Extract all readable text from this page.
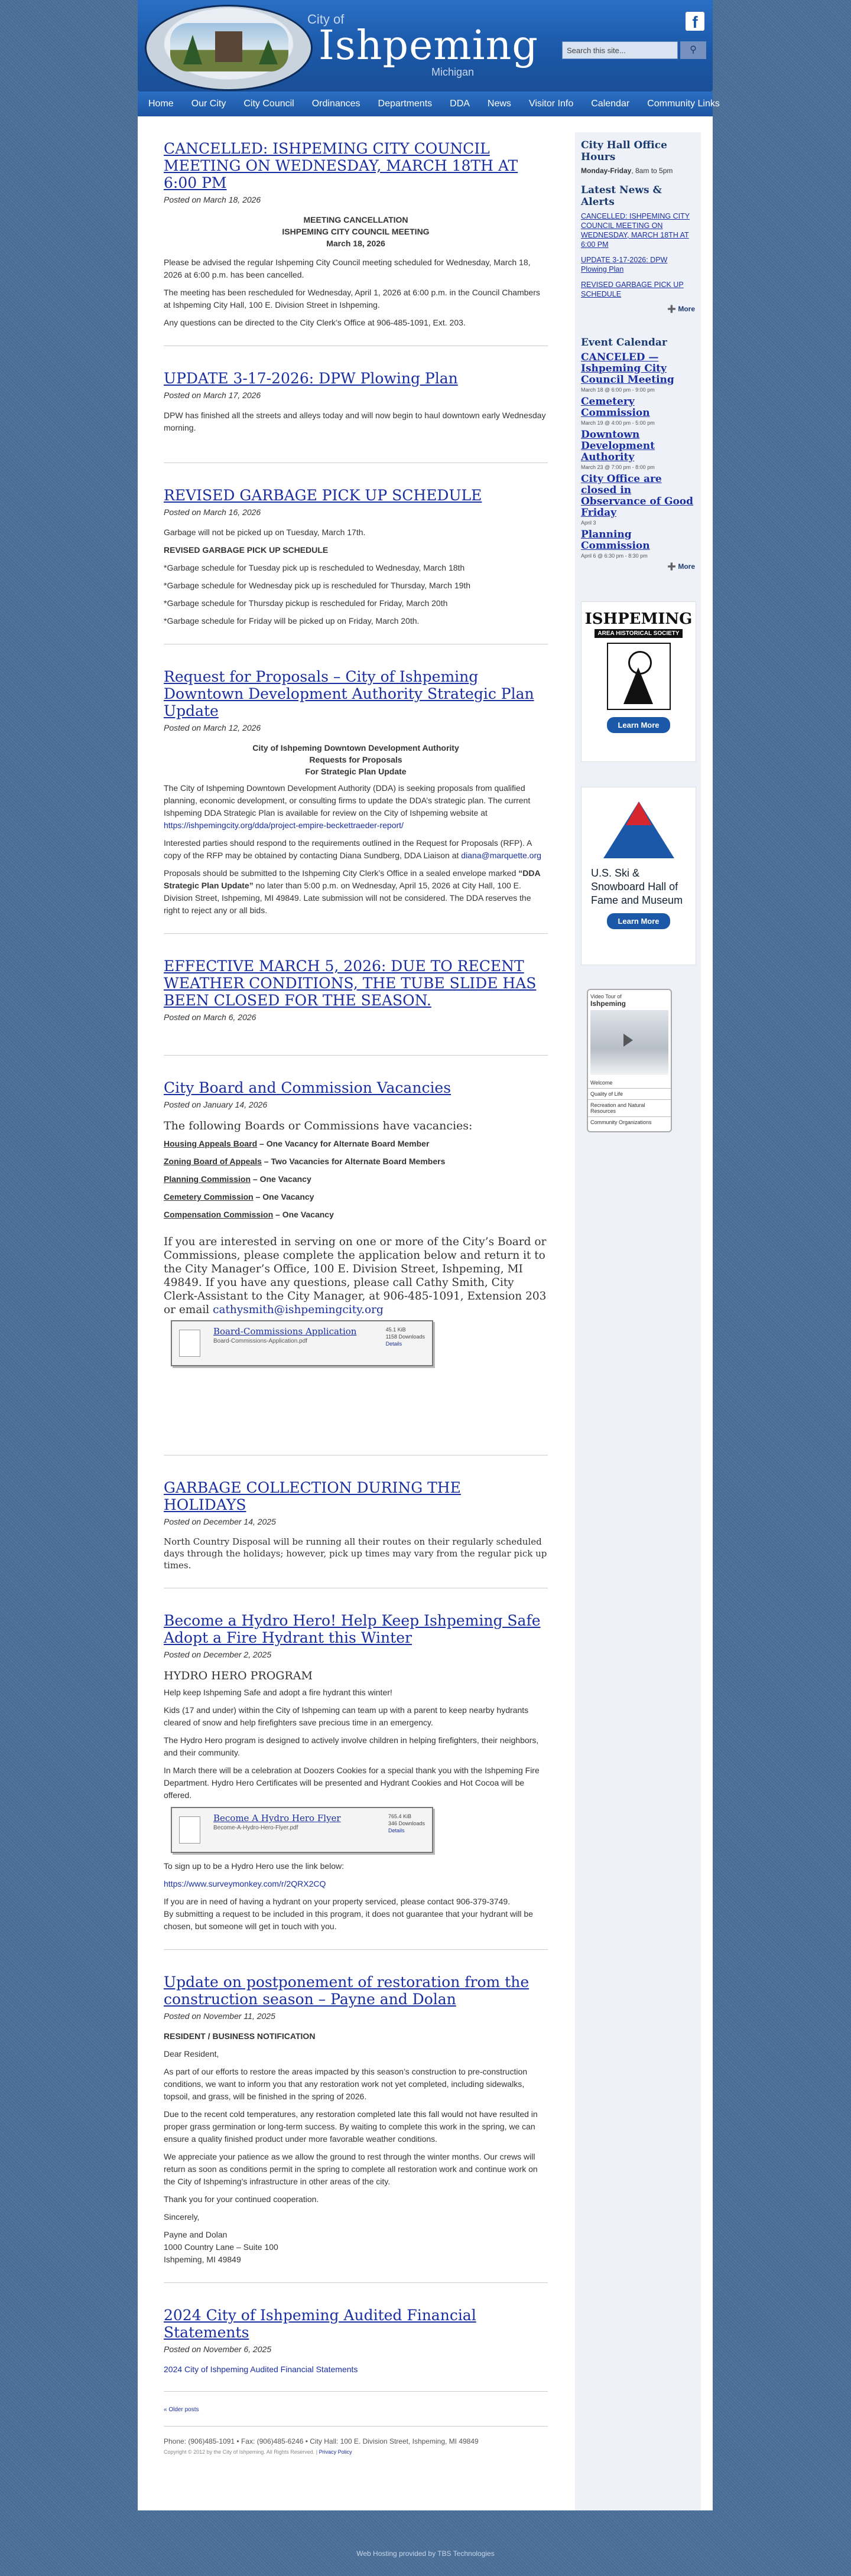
City of
Ishpeming
Michigan
f
Search this site...	⚲
Home Our City City Council Ordinances Departments DDA News Visitor Info Calendar Community Links
CANCELLED: ISHPEMING CITY COUNCIL MEETING ON WEDNESDAY, MARCH 18TH AT 6:00 PM
Posted on March 18, 2026

MEETING CANCELLATION

ISHPEMING CITY COUNCIL MEETING

March 18, 2026

Please be advised the regular Ishpeming City Council meeting scheduled for Wednesday, March 18, 2026 at 6:00 p.m. has been cancelled.

The meeting has been rescheduled for Wednesday, April 1, 2026 at 6:00 p.m. in the Council Chambers at Ishpeming City Hall, 100 E. Division Street in Ishpeming.

Any questions can be directed to the City Clerk’s Office at 906-485-1091, Ext. 203.

UPDATE 3-17-2026: DPW Plowing Plan
Posted on March 17, 2026

DPW has finished all the streets and alleys today and will now begin to haul downtown early Wednesday morning.

REVISED GARBAGE PICK UP SCHEDULE
Posted on March 16, 2026

Garbage will not be picked up on Tuesday, March 17th.

REVISED GARBAGE PICK UP SCHEDULE

*Garbage schedule for Tuesday pick up is rescheduled to Wednesday, March 18th

*Garbage schedule for Wednesday pick up is rescheduled for Thursday, March 19th

*Garbage schedule for Thursday pickup is rescheduled for Friday, March 20th

*Garbage schedule for Friday will be picked up on Friday, March 20th.

Request for Proposals – City of Ishpeming Downtown Development Authority Strategic Plan Update
Posted on March 12, 2026

City of Ishpeming Downtown Development Authority

Requests for Proposals

For Strategic Plan Update

The City of Ishpeming Downtown Development Authority (DDA) is seeking proposals from qualified planning, economic development, or consulting firms to update the DDA’s strategic plan. The current Ishpeming DDA Strategic Plan is available for review on the City of Ishpeming website at https://ishpemingcity.org/dda/project-empire-beckettraeder-report/

Interested parties should respond to the requirements outlined in the Request for Proposals (RFP). A copy of the RFP may be obtained by contacting Diana Sundberg, DDA Liaison at diana@marquette.org

Proposals should be submitted to the Ishpeming City Clerk’s Office in a sealed envelope marked “DDA Strategic Plan Update” no later than 5:00 p.m. on Wednesday, April 15, 2026 at City Hall, 100 E. Division Street, Ishpeming, MI 49849. Late submission will not be considered. The DDA reserves the right to reject any or all bids.

EFFECTIVE MARCH 5, 2026: DUE TO RECENT WEATHER CONDITIONS, THE TUBE SLIDE HAS BEEN CLOSED FOR THE SEASON.
Posted on March 6, 2026
City Board and Commission Vacancies
Posted on January 14, 2026

The following Boards or Commissions have vacancies:

Housing Appeals Board – One Vacancy for Alternate Board Member

Zoning Board of Appeals – Two Vacancies for Alternate Board Members

Planning Commission – One Vacancy

Cemetery Commission – One Vacancy

Compensation Commission – One Vacancy

If you are interested in serving on one or more of the City’s Board or Commissions, please complete the application below and return it to the City Manager’s Office, 100 E. Division Street, Ishpeming, MI 49849. If you have any questions, please call Cathy Smith, City Clerk-Assistant to the City Manager, at 906-485-1091, Extension 203 or email cathysmith@ishpemingcity.org

Board-Commissions Application
Board-Commissions-Application.pdf
45.1 KiB
1158 Downloads
Details
GARBAGE COLLECTION DURING THE HOLIDAYS
Posted on December 14, 2025

North Country Disposal will be running all their routes on their regularly scheduled days through the holidays; however, pick up times may vary from the regular pick up times.

Become a Hydro Hero! Help Keep Ishpeming Safe Adopt a Fire Hydrant this Winter
Posted on December 2, 2025

HYDRO HERO PROGRAM

Help keep Ishpeming Safe and adopt a fire hydrant this winter!

Kids (17 and under) within the City of Ishpeming can team up with a parent to keep nearby hydrants cleared of snow and help firefighters save precious time in an emergency.

The Hydro Hero program is designed to actively involve children in helping firefighters, their neighbors, and their community.

In March there will be a celebration at Doozers Cookies for a special thank you with the Ishpeming Fire Department. Hydro Hero Certificates will be presented and Hydrant Cookies and Hot Cocoa will be offered.

Become A Hydro Hero Flyer
Become-A-Hydro-Hero-Flyer.pdf
765.4 KiB
346 Downloads
Details

To sign up to be a Hydro Hero use the link below:

https://www.surveymonkey.com/r/2QRX2CQ

If you are in need of having a hydrant on your property serviced, please contact 906-379-3749.
By submitting a request to be included in this program, it does not guarantee that your hydrant will be chosen, but someone will get in touch with you.

Update on postponement of restoration from the construction season – Payne and Dolan
Posted on November 11, 2025

RESIDENT / BUSINESS NOTIFICATION

Dear Resident,

As part of our efforts to restore the areas impacted by this season’s construction to pre-construction conditions, we want to inform you that any restoration work not yet completed, including sidewalks, topsoil, and grass, will be finished in the spring of 2026.

Due to the recent cold temperatures, any restoration completed late this fall would not have resulted in proper grass germination or long-term success. By waiting to complete this work in the spring, we can ensure a quality finished product under more favorable weather conditions.

We appreciate your patience as we allow the ground to rest through the winter months. Our crews will return as soon as conditions permit in the spring to complete all restoration work and continue work on the City of Ishpeming’s infrastructure in other areas of the city.

Thank you for your continued cooperation.

Sincerely,

Payne and Dolan
1000 Country Lane – Suite 100
Ishpeming, MI 49849

2024 City of Ishpeming Audited Financial Statements
Posted on November 6, 2025

2024 City of Ishpeming Audited Financial Statements

« Older posts
Phone: (906)485-1091 • Fax: (906)485-6246 • City Hall: 100 E. Division Street, Ishpeming, MI 49849
Copyright © 2012 by the City of Ishpeming. All Rights Reserved. | Privacy Policy
City Hall Office Hours
Monday-Friday, 8am to 5pm
Latest News & Alerts
CANCELLED: ISHPEMING CITY COUNCIL MEETING ON WEDNESDAY, MARCH 18TH AT 6:00 PM
UPDATE 3-17-2026: DPW Plowing Plan
REVISED GARBAGE PICK UP SCHEDULE
➕ More
Event Calendar
CANCELED — Ishpeming City Council Meeting
March 18 @ 6:00 pm - 9:00 pm
Cemetery Commission
March 19 @ 4:00 pm - 5:00 pm
Downtown Development Authority
March 23 @ 7:00 pm - 8:00 pm
City Office are closed in Observance of Good Friday
April 3
Planning Commission
April 6 @ 6:30 pm - 8:30 pm
➕ More
ISHPEMING
AREA HISTORICAL SOCIETY
Learn More
U.S. Ski & Snowboard Hall of Fame and Museum
Learn More
Video Tour of
Ishpeming
Welcome
Quality of Life
Recreation and Natural Resources
Community Organizations
Web Hosting provided by TBS Technologies
